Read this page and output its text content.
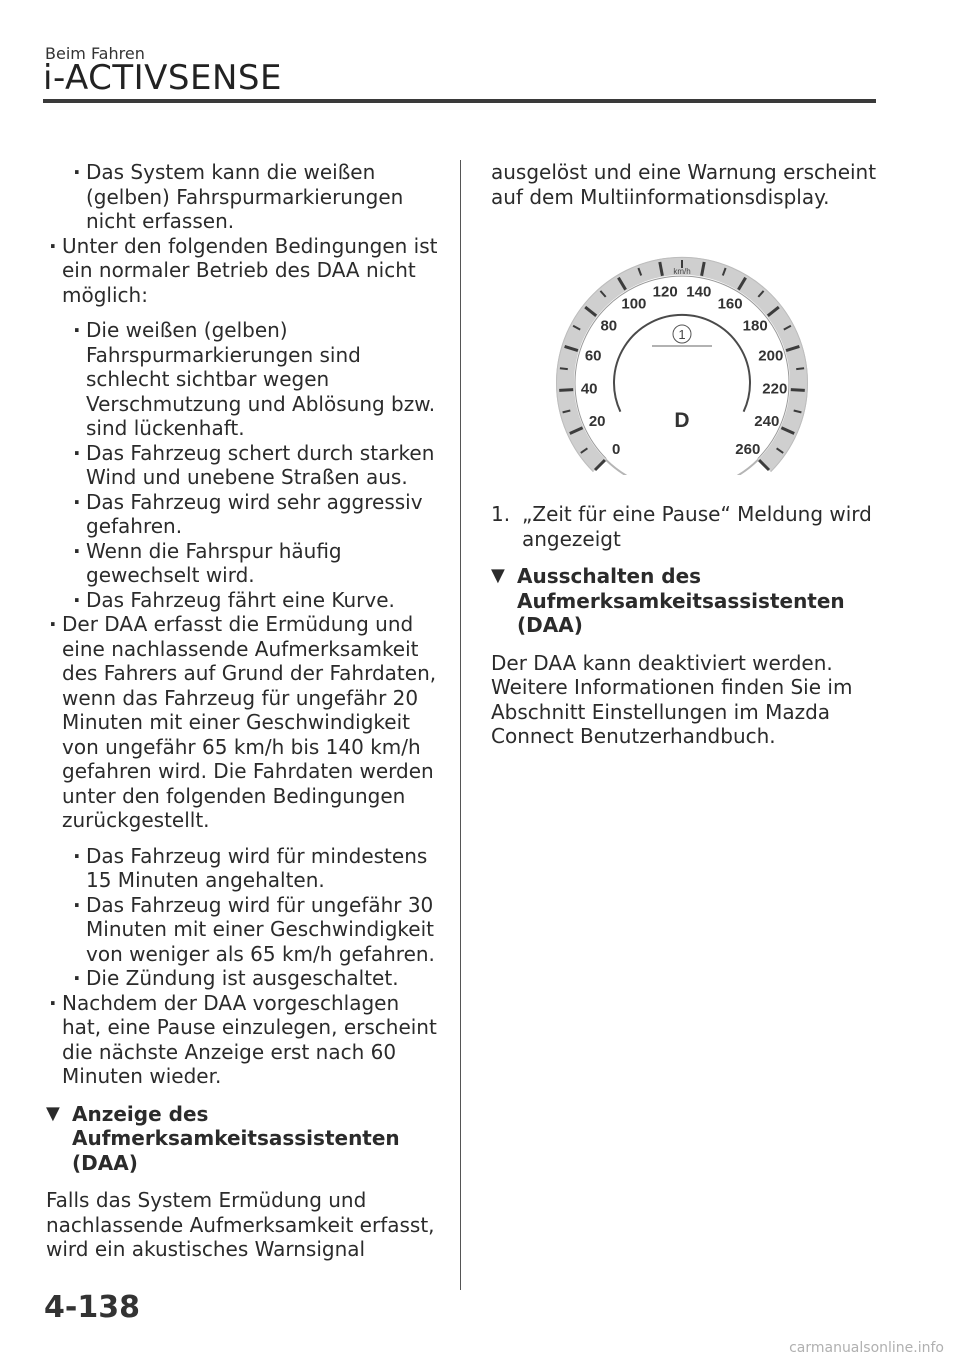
Beim Fahren
i-ACTIVSENSE
· Das System kann die weißen (gelben) Fahrspurmarkierungen nicht erfassen.
· Unter den folgenden Bedingungen ist ein normaler Betrieb des DAA nicht möglich:
· Die weißen (gelben) Fahrspurmarkierungen sind schlecht sichtbar wegen Verschmutzung und Ablösung bzw. sind lückenhaft.
· Das Fahrzeug schert durch starken Wind und unebene Straßen aus.
· Das Fahrzeug wird sehr aggressiv gefahren.
· Wenn die Fahrspur häufig gewechselt wird.
· Das Fahrzeug fährt eine Kurve.
· Der DAA erfasst die Ermüdung und eine nachlassende Aufmerksamkeit des Fahrers auf Grund der Fahrdaten, wenn das Fahrzeug für ungefähr 20 Minuten mit einer Geschwindigkeit von ungefähr 65 km/h bis 140 km/h gefahren wird. Die Fahrdaten werden unter den folgenden Bedingungen zurückgestellt.
· Das Fahrzeug wird für mindestens 15 Minuten angehalten.
· Das Fahrzeug wird für ungefähr 30 Minuten mit einer Geschwindigkeit von weniger als 65 km/h gefahren.
· Die Zündung ist ausgeschaltet.
· Nachdem der DAA vorgeschlagen hat, eine Pause einzulegen, erscheint die nächste Anzeige erst nach 60 Minuten wieder.
▼ Anzeige des Aufmerksamkeitsassistenten (DAA)
Falls das System Ermüdung und nachlassende Aufmerksamkeit erfasst, wird ein akustisches Warnsignal
ausgelöst und eine Warnung erscheint auf dem Multiinformationsdisplay.
0
20
40
60
80
100
120 140
160
180
200
220
240
260
km/h
1
D
1. „Zeit für eine Pause“ Meldung wird angezeigt
▼ Ausschalten des Aufmerksamkeitsassistenten (DAA)
Der DAA kann deaktiviert werden. Weitere Informationen finden Sie im Abschnitt Einstellungen im Mazda Connect Benutzerhandbuch.
4-138
carmanualsonline.info
